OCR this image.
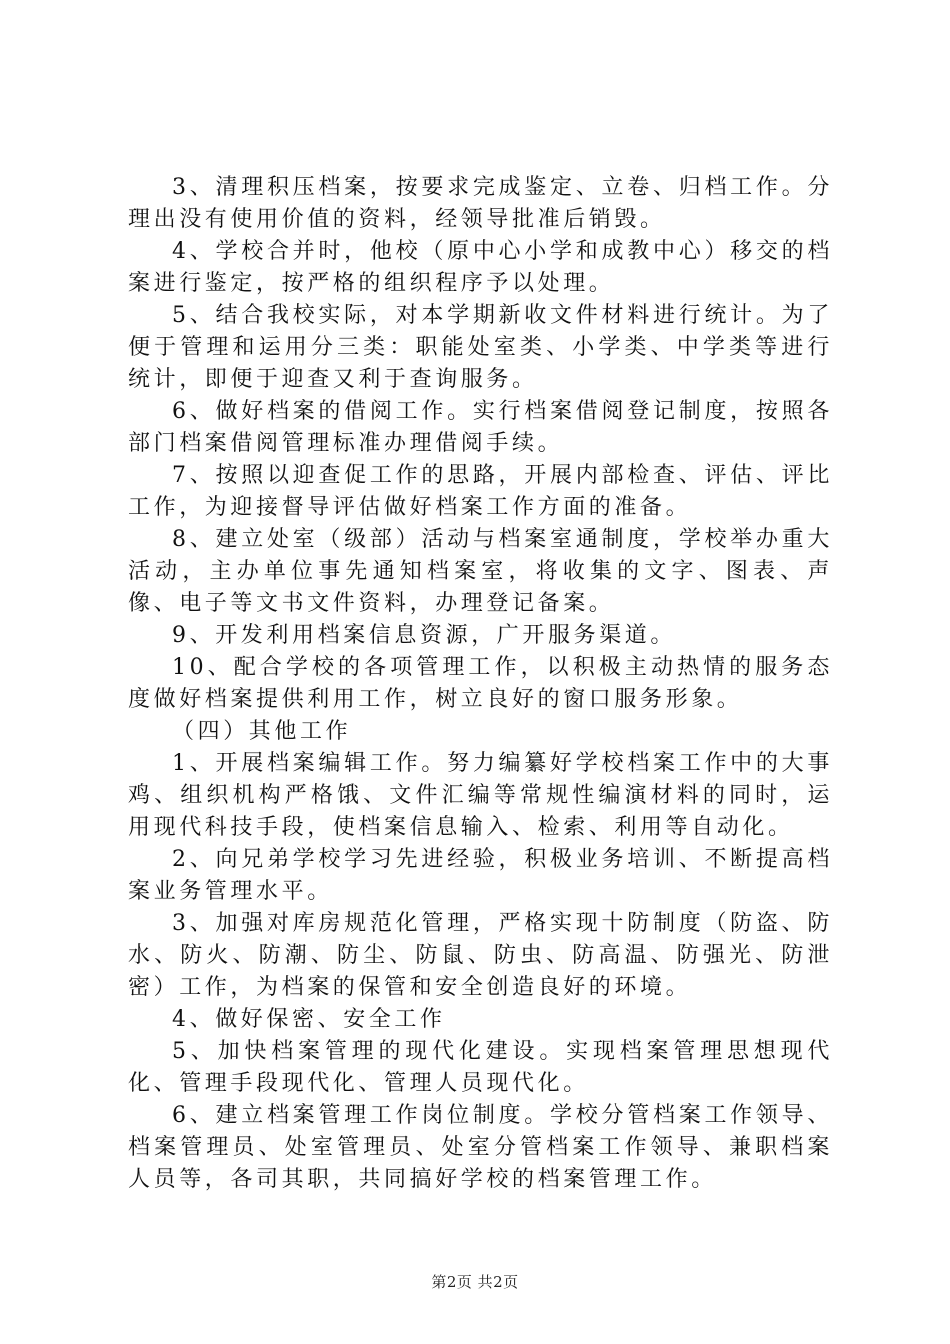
3、清理积压档案，按要求完成鉴定、立卷、归档工作。分理出没有使用价值的资料，经领导批准后销毁。

4、学校合并时，他校（原中心小学和成教中心）移交的档案进行鉴定，按严格的组织程序予以处理。

5、结合我校实际，对本学期新收文件材料进行统计。为了便于管理和运用分三类：职能处室类、小学类、中学类等进行统计，即便于迎查又利于查询服务。

6、做好档案的借阅工作。实行档案借阅登记制度，按照各部门档案借阅管理标准办理借阅手续。

7、按照以迎查促工作的思路，开展内部检查、评估、评比工作，为迎接督导评估做好档案工作方面的准备。

8、建立处室（级部）活动与档案室通制度，学校举办重大活动，主办单位事先通知档案室，将收集的文字、图表、声像、电子等文书文件资料，办理登记备案。

9、开发利用档案信息资源，广开服务渠道。

10、配合学校的各项管理工作，以积极主动热情的服务态度做好档案提供利用工作，树立良好的窗口服务形象。

（四）其他工作

1、开展档案编辑工作。努力编纂好学校档案工作中的大事鸡、组织机构严格饿、文件汇编等常规性编演材料的同时，运用现代科技手段，使档案信息输入、检索、利用等自动化。

2、向兄弟学校学习先进经验，积极业务培训、不断提高档案业务管理水平。

3、加强对库房规范化管理，严格实现十防制度（防盗、防水、防火、防潮、防尘、防鼠、防虫、防高温、防强光、防泄密）工作，为档案的保管和安全创造良好的环境。

4、做好保密、安全工作

5、加快档案管理的现代化建设。实现档案管理思想现代化、管理手段现代化、管理人员现代化。

6、建立档案管理工作岗位制度。学校分管档案工作领导、档案管理员、处室管理员、处室分管档案工作领导、兼职档案人员等，各司其职，共同搞好学校的档案管理工作。

第2页 共2页
